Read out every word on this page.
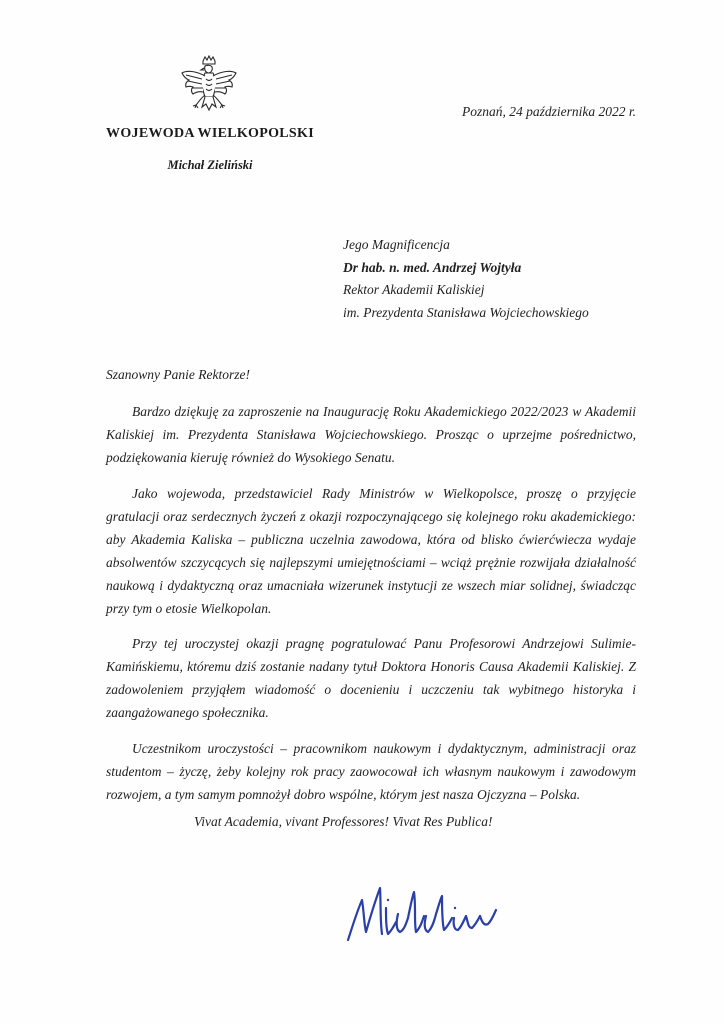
WOJEWODA WIELKOPOLSKI
Michał Zieliński
Poznań, 24 października 2022 r.
Jego Magnificencja
Dr hab. n. med. Andrzej Wojtyła
Rektor Akademii Kaliskiej
im. Prezydenta Stanisława Wojciechowskiego
Szanowny Panie Rektorze!

Bardzo dziękuję za zaproszenie na Inaugurację Roku Akademickiego 2022/2023 w Akademii Kaliskiej im. Prezydenta Stanisława Wojciechowskiego. Prosząc o uprzejme pośrednictwo, podziękowania kieruję również do Wysokiego Senatu.

Jako wojewoda, przedstawiciel Rady Ministrów w Wielkopolsce, proszę o przyjęcie gratulacji oraz serdecznych życzeń z okazji rozpoczynającego się kolejnego roku akademickiego: aby Akademia Kaliska – publiczna uczelnia zawodowa, która od blisko ćwierćwiecza wydaje absolwentów szczycących się najlepszymi umiejętnościami – wciąż prężnie rozwijała działalność naukową i dydaktyczną oraz umacniała wizerunek instytucji ze wszech miar solidnej, świadcząc przy tym o etosie Wielkopolan.

Przy tej uroczystej okazji pragnę pogratulować Panu Profesorowi Andrzejowi Sulimie-Kamińskiemu, któremu dziś zostanie nadany tytuł Doktora Honoris Causa Akademii Kaliskiej. Z zadowoleniem przyjąłem wiadomość o docenieniu i uczczeniu tak wybitnego historyka i zaangażowanego społecznika.

Uczestnikom uroczystości – pracownikom naukowym i dydaktycznym, administracji oraz studentom – życzę, żeby kolejny rok pracy zaowocował ich własnym naukowym i zawodowym rozwojem, a tym samym pomnożył dobro wspólne, którym jest nasza Ojczyzna – Polska.

Vivat Academia, vivant Professores! Vivat Res Publica!
